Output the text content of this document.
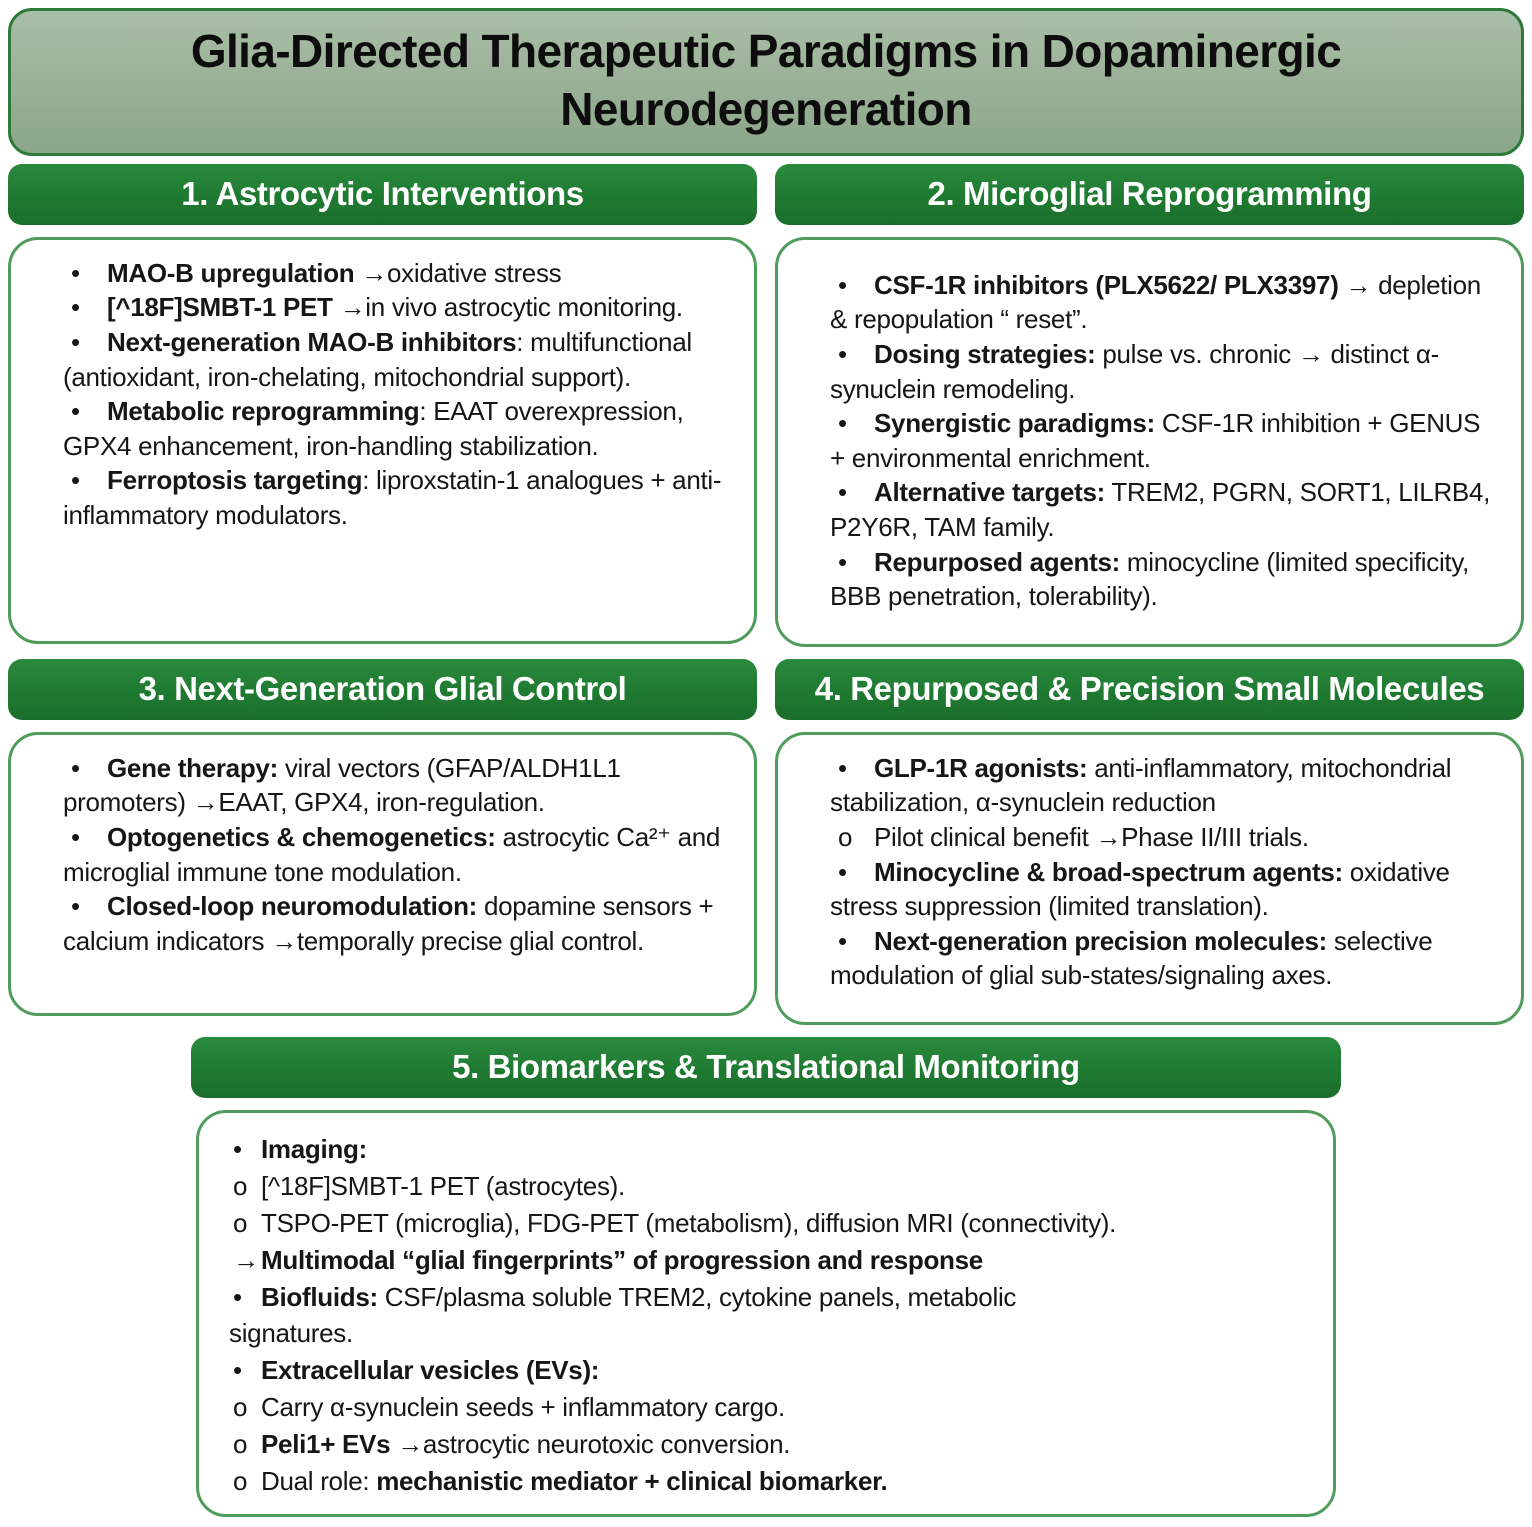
Glia-Directed Therapeutic Paradigms in Dopaminergic Neurodegeneration
1. Astrocytic Interventions

• MAO-B upregulation →oxidative stress

• [^18F]SMBT-1 PET →in vivo astrocytic monitoring.

• Next-generation MAO-B inhibitors: multifunctional (antioxidant, iron-chelating, mitochondrial support).

• Metabolic reprogramming: EAAT overexpression, GPX4 enhancement, iron-handling stabilization.

• Ferroptosis targeting: liproxstatin-1 analogues + anti-inflammatory modulators.

2. Microglial Reprogramming

• CSF-1R inhibitors (PLX5622/ PLX3397) → depletion & repopulation “ reset”.

• Dosing strategies: pulse vs. chronic → distinct α-synuclein remodeling.

• Synergistic paradigms: CSF-1R inhibition + GENUS + environmental enrichment.

• Alternative targets: TREM2, PGRN, SORT1, LILRB4, P2Y6R, TAM family.

• Repurposed agents: minocycline (limited specificity, BBB penetration, tolerability).

3. Next-Generation Glial Control

• Gene therapy: viral vectors (GFAP/ALDH1L1 promoters) →EAAT, GPX4, iron-regulation.

• Optogenetics & chemogenetics: astrocytic Ca²⁺ and microglial immune tone modulation.

• Closed-loop neuromodulation: dopamine sensors + calcium indicators →temporally precise glial control.

4. Repurposed & Precision Small Molecules

• GLP-1R agonists: anti-inflammatory, mitochondrial stabilization, α-synuclein reduction

o Pilot clinical benefit →Phase II/III trials.

• Minocycline & broad-spectrum agents: oxidative stress suppression (limited translation).

• Next-generation precision molecules: selective modulation of glial sub-states/signaling axes.

5. Biomarkers & Translational Monitoring

• Imaging:

o [^18F]SMBT-1 PET (astrocytes).

o TSPO-PET (microglia), FDG-PET (metabolism), diffusion MRI (connectivity).

→Multimodal “glial fingerprints” of progression and response

• Biofluids: CSF/plasma soluble TREM2, cytokine panels, metabolic
signatures.

• Extracellular vesicles (EVs):

o Carry α-synuclein seeds + inflammatory cargo.

o Peli1+ EVs →astrocytic neurotoxic conversion.

o Dual role: mechanistic mediator + clinical biomarker.
